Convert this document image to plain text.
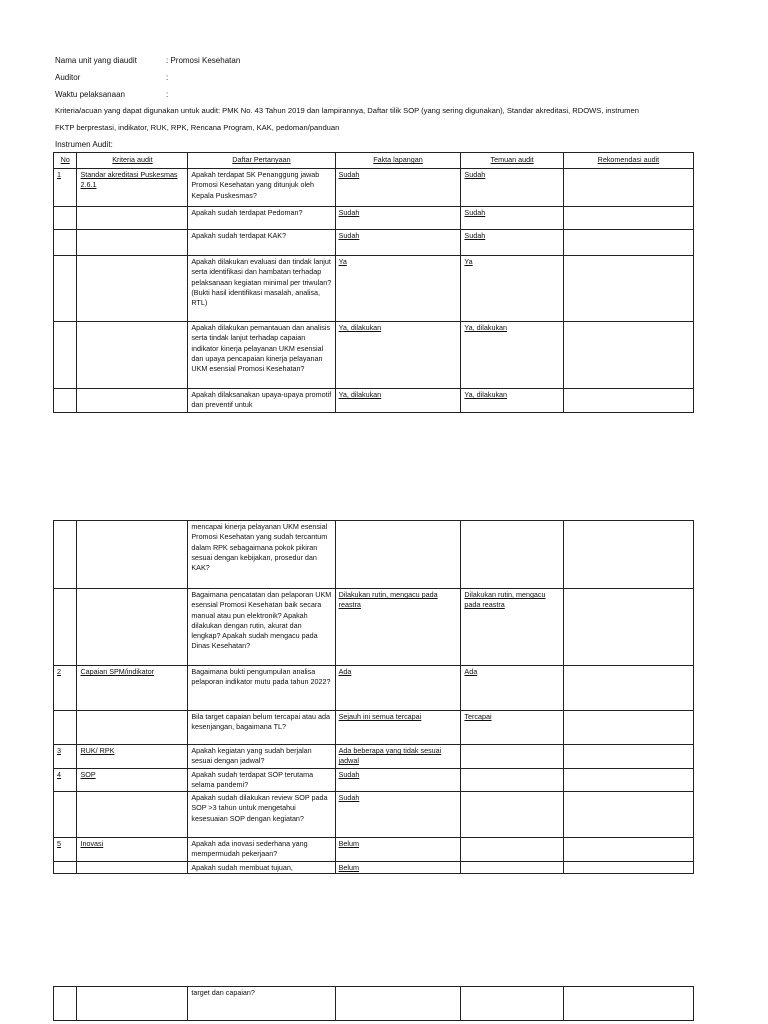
Nama unit yang diaudit	: Promosi Kesehatan
Auditor	:
Waktu pelaksanaan	:
Kriteria/acuan yang dapat digunakan untuk audit: PMK No. 43 Tahun 2019 dan lampirannya, Daftar tilik SOP (yang sering digunakan), Standar akreditasi, RDOWS, instrumen
FKTP berprestasi, indikator, RUK, RPK, Rencana Program, KAK, pedoman/panduan
Instrumen Audit:
No	Kriteria audit	Daftar Pertanyaan	Fakta lapangan	Temuan audit	Rekomendasi audit
1	Standar akreditasi Puskesmas 2.6.1	Apakah terdapat SK Penanggung jawab Promosi Kesehatan yang ditunjuk oleh Kepala Puskesmas?	Sudah	Sudah	
		Apakah sudah terdapat Pedoman?	Sudah	Sudah	
		Apakah sudah terdapat KAK?	Sudah	Sudah	
		Apakah dilakukan evaluasi dan tindak lanjut serta identifikasi dan hambatan terhadap pelaksanaan kegiatan minimal per triwulan? (Bukti hasil identifikasi masalah, analisa, RTL)	Ya	Ya	
		Apakah dilakukan pemantauan dan analisis serta tindak lanjut terhadap capaian indikator kinerja pelayanan UKM esensial dan upaya pencapaian kinerja pelayanan UKM esensial Promosi Kesehatan?	Ya, dilakukan	Ya, dilakukan	
		Apakah dilaksanakan upaya-upaya promotif dan preventif untuk	Ya, dilakukan	Ya, dilakukan	
		mencapai kinerja pelayanan UKM esensial Promosi Kesehatan yang sudah tercantum dalam RPK sebagaimana pokok pikiran sesuai dengan kebijakan, prosedur dan KAK?			
		Bagaimana pencatatan dan pelaporan UKM esensial Promosi Kesehatan baik secara manual atau pun elektronik? Apakah dilakukan dengan rutin, akurat dan lengkap? Apakah sudah mengacu pada Dinas Kesehatan?	Dilakukan rutin, mengacu pada reastra	Dilakukan rutin, mengacu pada reastra	
2	Capaian SPM/indikator	Bagaimana bukti pengumpulan analisa pelaporan indikator mutu pada tahun 2022?	Ada	Ada	
		Bila target capaian belum tercapai atau ada kesenjangan, bagaimana TL?	Sejauh ini semua tercapai	Tercapai	
3	RUK/ RPK	Apakah kegiatan yang sudah berjalan sesuai dengan jadwal?	Ada beberapa yang tidak sesuai jadwal		
4	SOP	Apakah sudah terdapat SOP terutama selama pandemi?	Sudah		
		Apakah sudah dilakukan review SOP pada SOP >3 tahun untuk mengetahui kesesuaian SOP dengan kegiatan?	Sudah		
5	Inovasi	Apakah ada inovasi sederhana yang mempermudah pekerjaan?	Belum		
		Apakah sudah membuat tujuan,	Belum		
		target dan capaian?			
